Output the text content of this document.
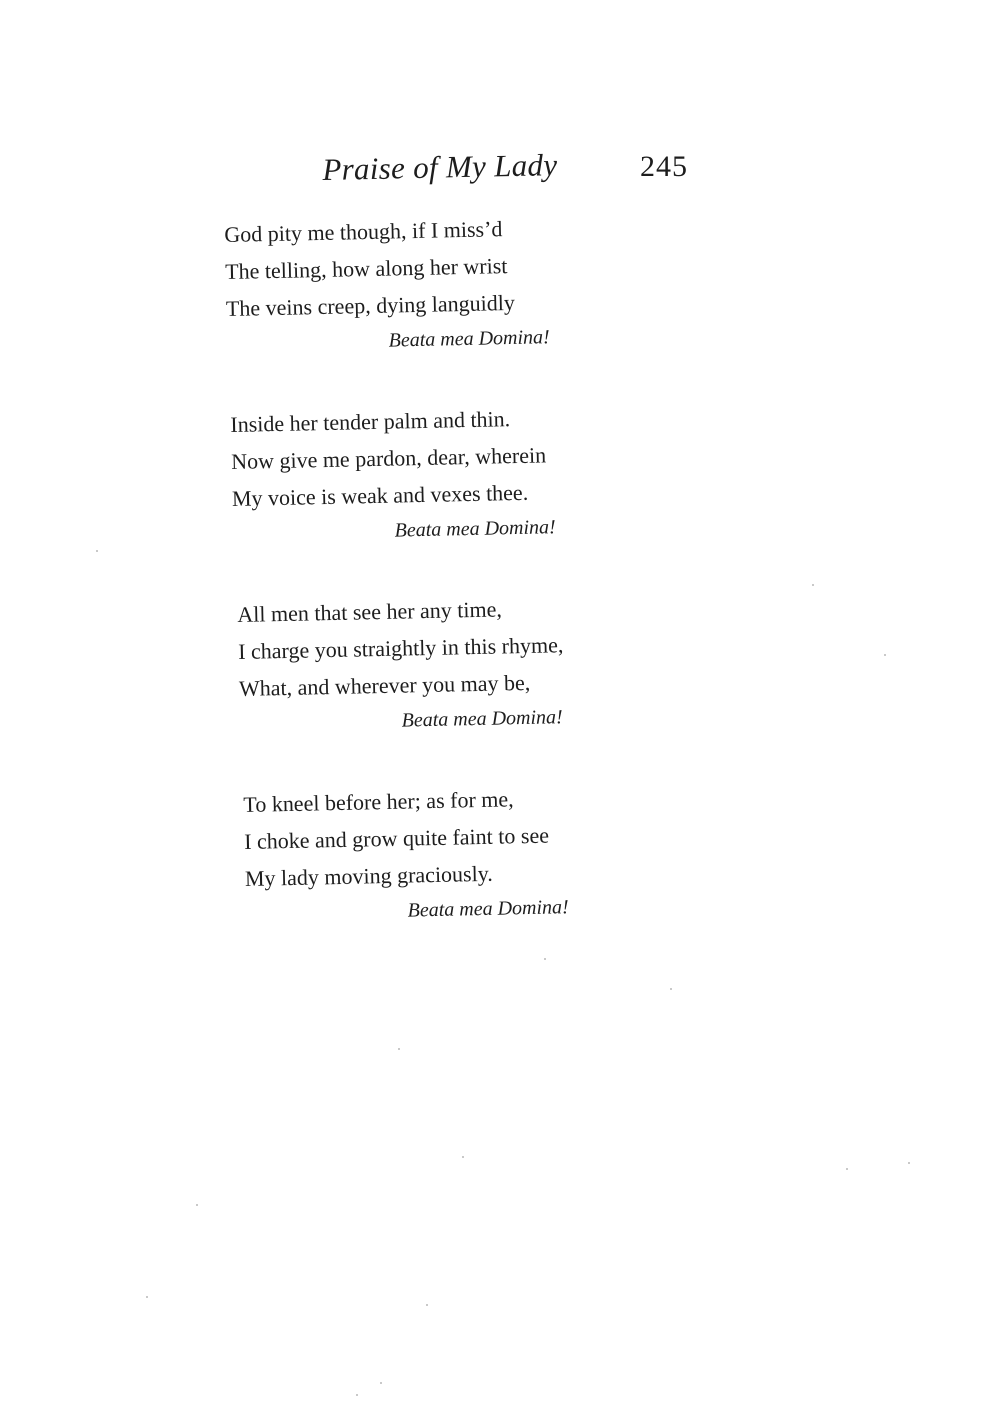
Praise of My Lady	245
God pity me though, if I miss’d
The telling, how along her wrist
The veins creep, dying languidly
Beata mea Domina!
Inside her tender palm and thin.
Now give me pardon, dear, wherein
My voice is weak and vexes thee.
Beata mea Domina!
All men that see her any time,
I charge you straightly in this rhyme,
What, and wherever you may be,
Beata mea Domina!
To kneel before her; as for me,
I choke and grow quite faint to see
My lady moving graciously.
Beata mea Domina!
